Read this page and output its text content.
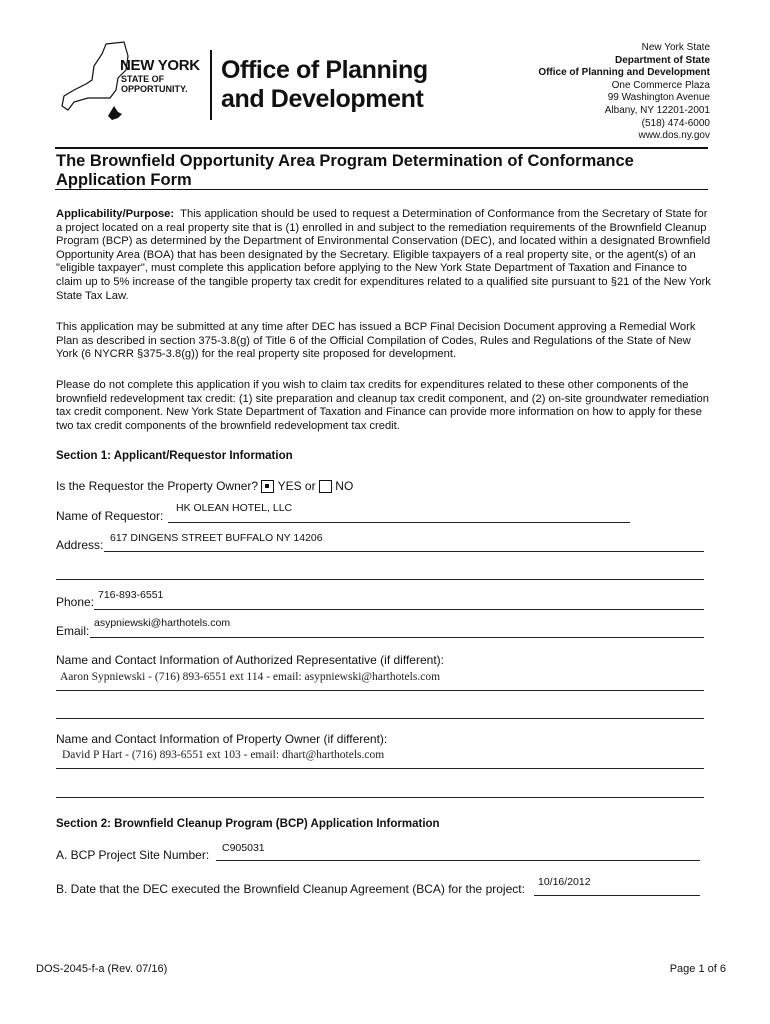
NEW YORK
STATE OF
OPPORTUNITY.
Office of Planning
and Development
New York State
Department of State
Office of Planning and Development
One Commerce Plaza
99 Washington Avenue
Albany, NY 12201-2001
(518) 474-6000
www.dos.ny.gov
The Brownfield Opportunity Area Program Determination of Conformance
Application Form
Applicability/Purpose: This application should be used to request a Determination of Conformance from the Secretary of State for a project located on a real property site that is (1) enrolled in and subject to the remediation requirements of the Brownfield Cleanup Program (BCP) as determined by the Department of Environmental Conservation (DEC), and located within a designated Brownfield Opportunity Area (BOA) that has been designated by the Secretary. Eligible taxpayers of a real property site, or the agent(s) of an "eligible taxpayer", must complete this application before applying to the New York State Department of Taxation and Finance to claim up to 5% increase of the tangible property tax credit for expenditures related to a qualified site pursuant to §21 of the New York State Tax Law.
This application may be submitted at any time after DEC has issued a BCP Final Decision Document approving a Remedial Work Plan as described in section 375-3.8(g) of Title 6 of the Official Compilation of Codes, Rules and Regulations of the State of New York (6 NYCRR §375-3.8(g)) for the real property site proposed for development.
Please do not complete this application if you wish to claim tax credits for expenditures related to these other components of the brownfield redevelopment tax credit: (1) site preparation and cleanup tax credit component, and (2) on-site groundwater remediation tax credit component. New York State Department of Taxation and Finance can provide more information on how to apply for these two tax credit components of the brownfield redevelopment tax credit.
Section 1: Applicant/Requestor Information
Is the Requestor the Property Owner? YES or NO
Name of Requestor:
HK OLEAN HOTEL, LLC
Address: 617 DINGENS STREET BUFFALO NY 14206
Phone: 716-893-6551
Email:
asypniewski@harthotels.com
Name and Contact Information of Authorized Representative (if different):
Aaron Sypniewski - (716) 893-6551 ext 114 - email: asypniewski@harthotels.com
Name and Contact Information of Property Owner (if different):
David P Hart - (716) 893-6551 ext 103 - email: dhart@harthotels.com
Section 2: Brownfield Cleanup Program (BCP) Application Information
A. BCP Project Site Number: C905031
B. Date that the DEC executed the Brownfield Cleanup Agreement (BCA) for the project: 10/16/2012
DOS-2045-f-a (Rev. 07/16)	Page 1 of 6
